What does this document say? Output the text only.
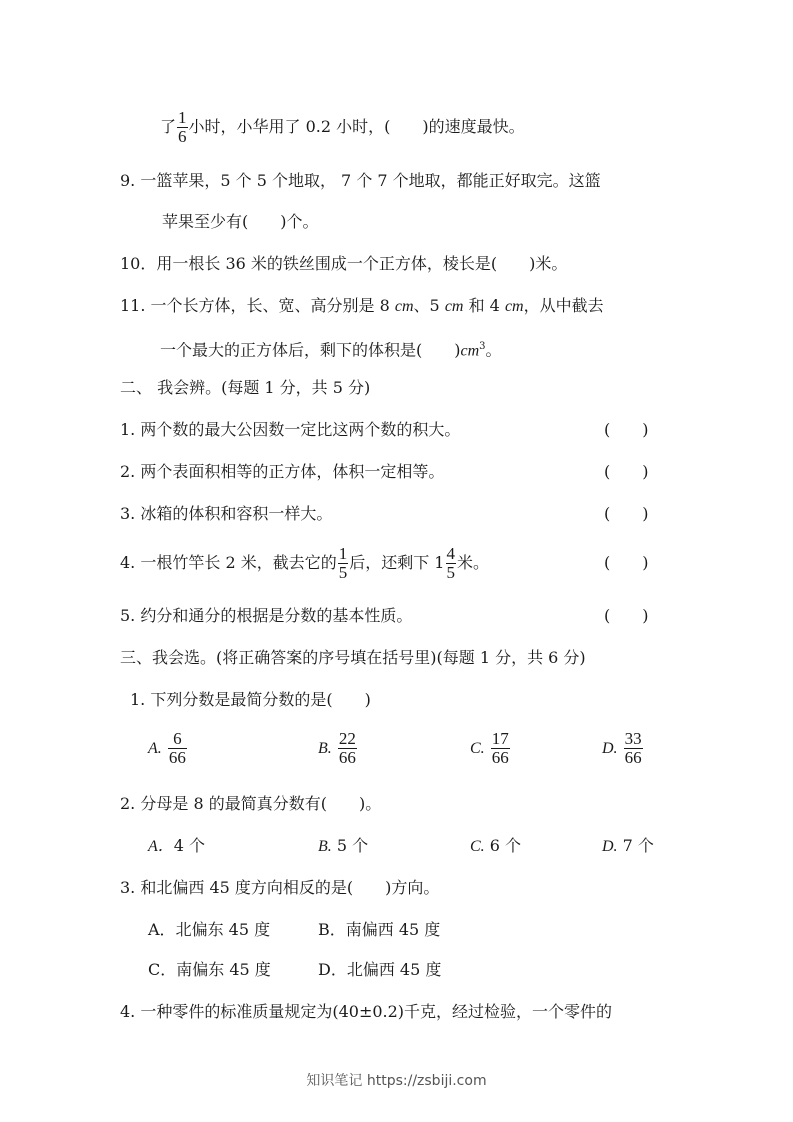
了 $\frac{1}{6}$ 小时，小华用了 0.2 小时，(　　)的速度最快。
9. 一篮苹果，5 个 5 个地取， 7 个 7 个地取，都能正好取完。这篮
苹果至少有(　　)个。
10．用一根长 36 米的铁丝围成一个正方体，棱长是(　　)米。
11. 一个长方体，长、宽、高分别是 8 cm、5 cm 和 4 cm，从中截去
一个最大的正方体后，剩下的体积是(　　)$cm^3$。
二、 我会辨。(每题 1 分，共 5 分)
1. 两个数的最大公因数一定比这两个数的积大。	(　　)
2. 两个表面积相等的正方体，体积一定相等。	(　　)
3. 冰箱的体积和容积一样大。	(　　)
4. 一根竹竿长 2 米，截去它的 $\frac{1}{5}$ 后，还剩下 $1 \frac{4}{5}$ 米。	(　　)
5. 约分和通分的根据是分数的基本性质。	(　　)
三、我会选。(将正确答案的序号填在括号里)(每题 1 分，共 6 分)
1. 下列分数是最简分数的是(　　)
A. $\frac{6}{66}$	B. $\frac{22}{66}$	C. $\frac{17}{66}$	D. $\frac{33}{66}$
2. 分母是 8 的最简真分数有(　　)。
A．4 个	B. 5 个	C. 6 个	D. 7 个
3. 和北偏西 45 度方向相反的是(　　)方向。
A．北偏东 45 度	B．南偏西 45 度
C．南偏东 45 度	D．北偏西 45 度
4. 一种零件的标准质量规定为(40±0.2)千克，经过检验，一个零件的
知识笔记 https://zsbiji.com
